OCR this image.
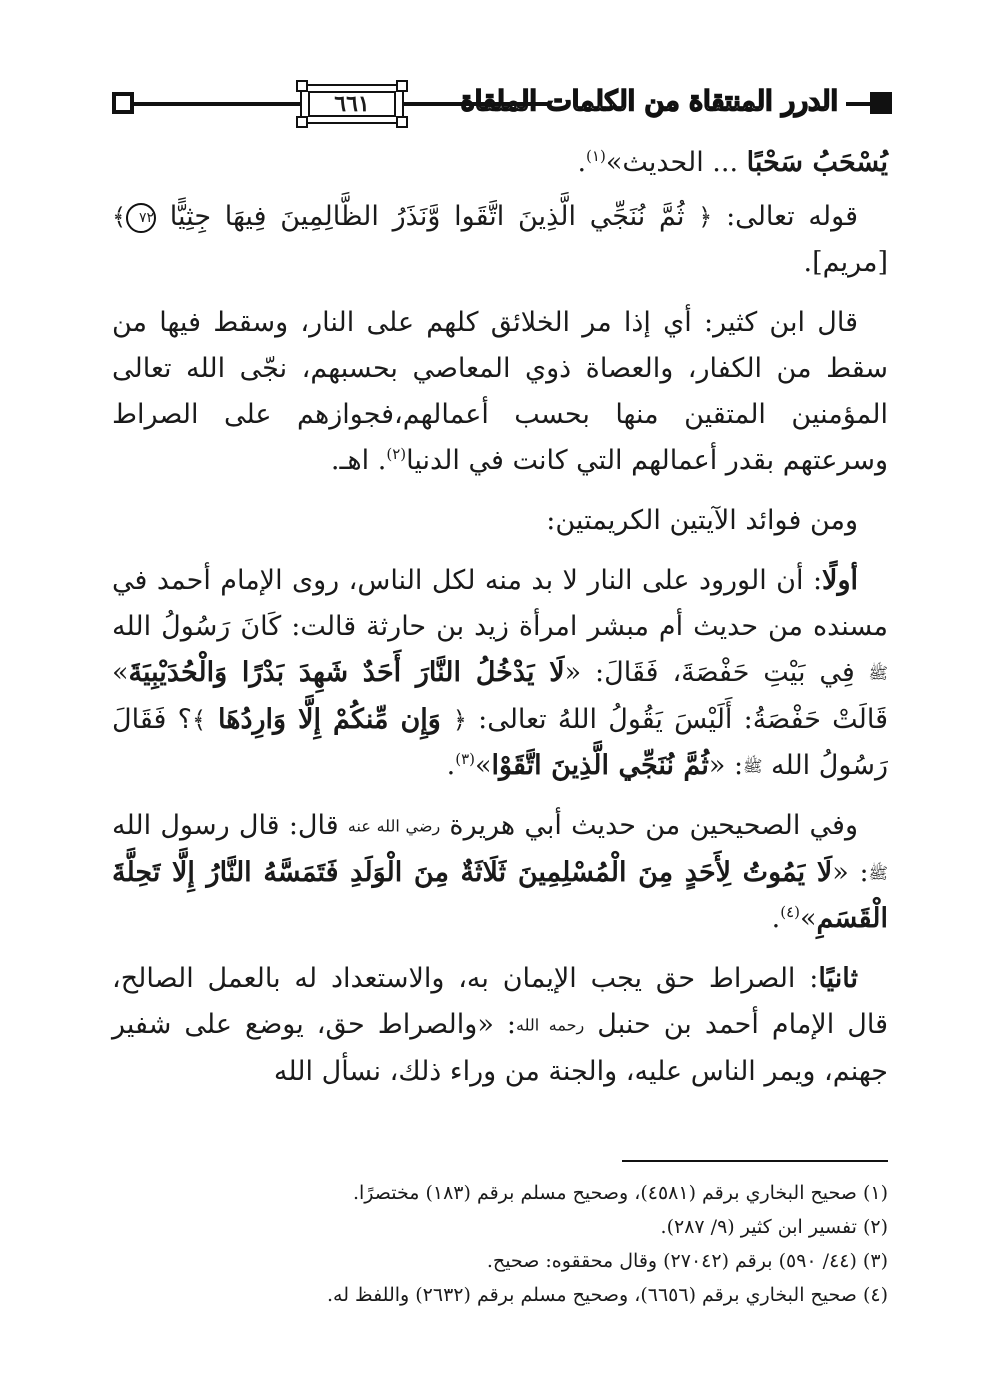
٦٦١	الدرر المنتقاة من الكلمات الملقاة

يُسْحَبُ سَحْبًا ... الحديث»$^{(١)}$.

قوله تعالى: ﴿ ثُمَّ نُنَجِّي الَّذِينَ اتَّقَوا وَّنَذَرُ الظَّالِمِينَ فِيهَا جِثِيًّا ٧٢﴾ [مريم].

قال ابن كثير: أي إذا مر الخلائق كلهم على النار، وسقط فيها من سقط من الكفار، والعصاة ذوي المعاصي بحسبهم، نجّى الله تعالى المؤمنين المتقين منها بحسب أعمالهم،فجوازهم على الصراط وسرعتهم بقدر أعمالهم التي كانت في الدنيا$^{(٢)}$. اهـ.

ومن فوائد الآيتين الكريمتين:

أولًا: أن الورود على النار لا بد منه لكل الناس، روى الإمام أحمد في مسنده من حديث أم مبشر امرأة زيد بن حارثة قالت: كَانَ رَسُولُ الله ﷺ فِي بَيْتِ حَفْصَةَ، فَقَالَ: «لَا يَدْخُلُ النَّارَ أَحَدٌ شَهِدَ بَدْرًا وَالْحُدَيْبِيَةَ» قَالَتْ حَفْصَةُ: أَلَيْسَ يَقُولُ اللهُ تعالى: ﴿ وَإِن مِّنكُمْ إِلَّا وَارِدُهَا ﴾؟ فَقَالَ رَسُولُ الله ﷺ: «ثُمَّ نُنَجِّي الَّذِينَ اتَّقَوْا»$^{(٣)}$.

وفي الصحيحين من حديث أبي هريرة رضي الله عنه قال: قال رسول الله ﷺ: «لَا يَمُوتُ لِأَحَدٍ مِنَ الْمُسْلِمِينَ ثَلَاثَةٌ مِنَ الْوَلَدِ فَتَمَسَّهُ النَّارُ إِلَّا تَحِلَّةَ الْقَسَمِ»$^{(٤)}$.

ثانيًا: الصراط حق يجب الإيمان به، والاستعداد له بالعمل الصالح، قال الإمام أحمد بن حنبل رحمه الله: «والصراط حق، يوضع على شفير جهنم، ويمر الناس عليه، والجنة من وراء ذلك، نسأل الله

(١) صحيح البخاري برقم (٤٥٨١)، وصحيح مسلم برقم (١٨٣) مختصرًا.

(٢) تفسير ابن كثير (٩/ ٢٨٧).

(٣) (٤٤/ ٥٩٠) برقم (٢٧٠٤٢) وقال محققوه: صحيح.

(٤) صحيح البخاري برقم (٦٦٥٦)، وصحيح مسلم برقم (٢٦٣٢) واللفظ له.
